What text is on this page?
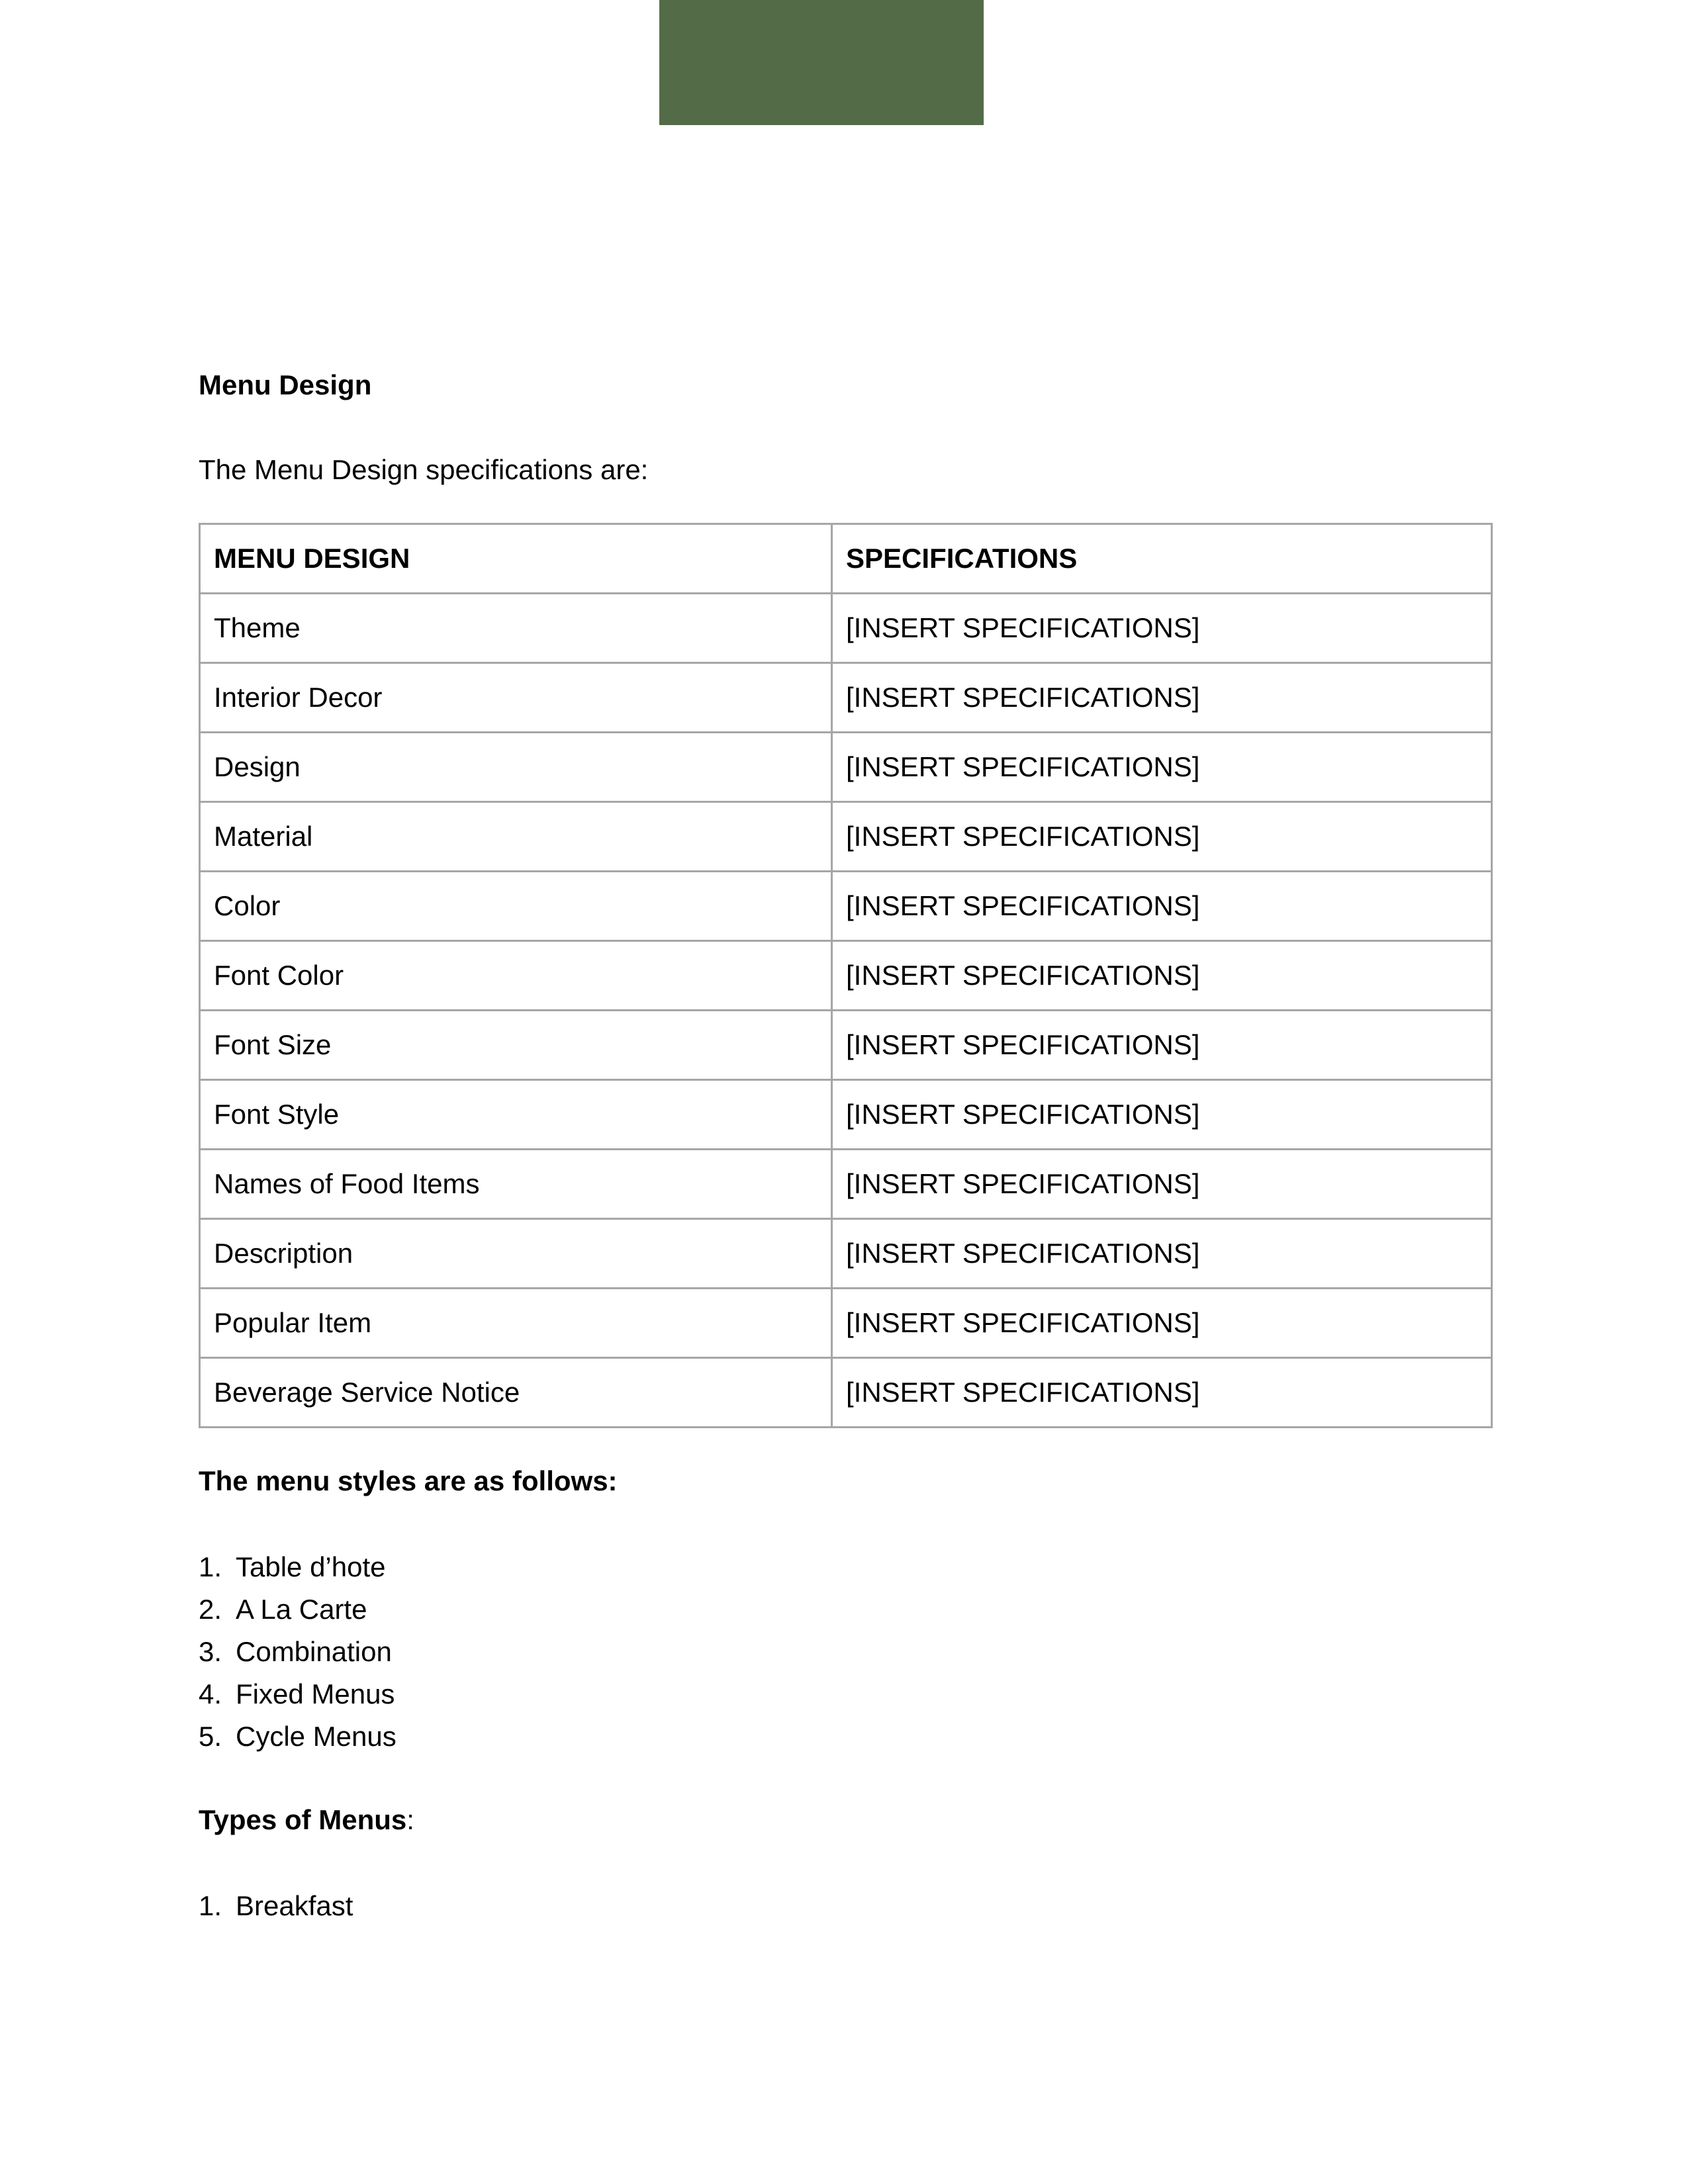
Menu Design

The Menu Design specifications are:

MENU DESIGN	SPECIFICATIONS
Theme	[INSERT SPECIFICATIONS]
Interior Decor	[INSERT SPECIFICATIONS]
Design	[INSERT SPECIFICATIONS]
Material	[INSERT SPECIFICATIONS]
Color	[INSERT SPECIFICATIONS]
Font Color	[INSERT SPECIFICATIONS]
Font Size	[INSERT SPECIFICATIONS]
Font Style	[INSERT SPECIFICATIONS]
Names of Food Items	[INSERT SPECIFICATIONS]
Description	[INSERT SPECIFICATIONS]
Popular Item	[INSERT SPECIFICATIONS]
Beverage Service Notice	[INSERT SPECIFICATIONS]

The menu styles are as follows:

1. Table d’hote
2. A La Carte
3. Combination
4. Fixed Menus
5. Cycle Menus

Types of Menus:

1. Breakfast
